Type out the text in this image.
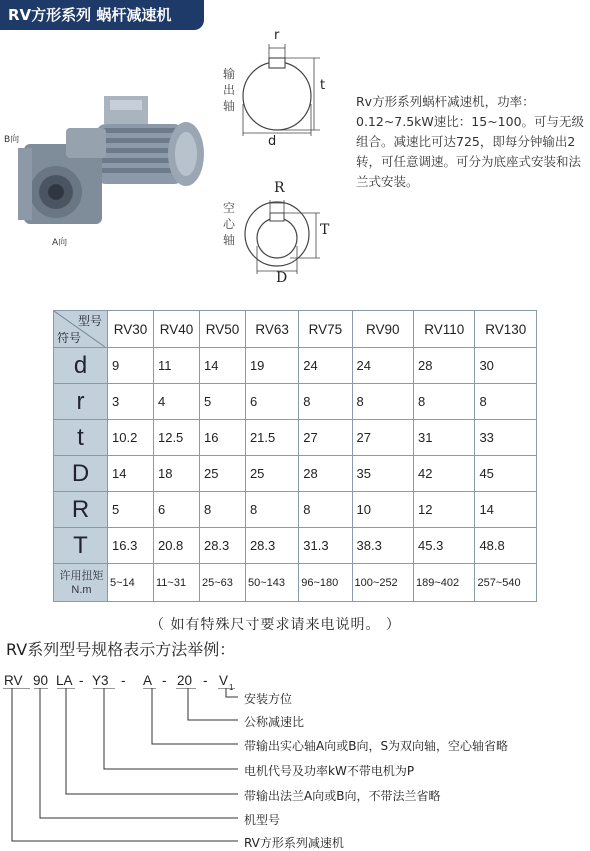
RV方形系列 蜗杆减速机
B向
A向
输出轴
r
t
d
空心轴
R
T
D
Rv方形系列蜗杆减速机，功率：0.12~7.5kW速比：15~100。可与无级组合。减速比可达725，即每分钟输出2转，可任意调速。可分为底座式安装和法兰式安装。
型号
符号	RV30	RV40	RV50	RV63	RV75	RV90	RV110	RV130
d	9	11	14	19	24	24	28	30
r	3	4	5	6	8	8	8	8
t	10.2	12.5	16	21.5	27	27	31	33
D	14	18	25	25	28	35	42	45
R	5	6	8	8	8	10	12	14
T	16.3	20.8	28.3	28.3	31.3	38.3	45.3	48.8
许用扭矩N.m	5~14	11~31	25~63	50~143	96~180	100~252	189~402	257~540
（ 如有特殊尺寸要求请来电说明。 ）
RV系列型号规格表示方法举例：
RV 90 LA - Y3 - A - 20 - V 1
安装方位
公称减速比
带输出实心轴A向或B向，S为双向轴，空心轴省略
电机代号及功率kW不带电机为P
带输出法兰A向或B向，不带法兰省略
机型号
RV方形系列减速机
